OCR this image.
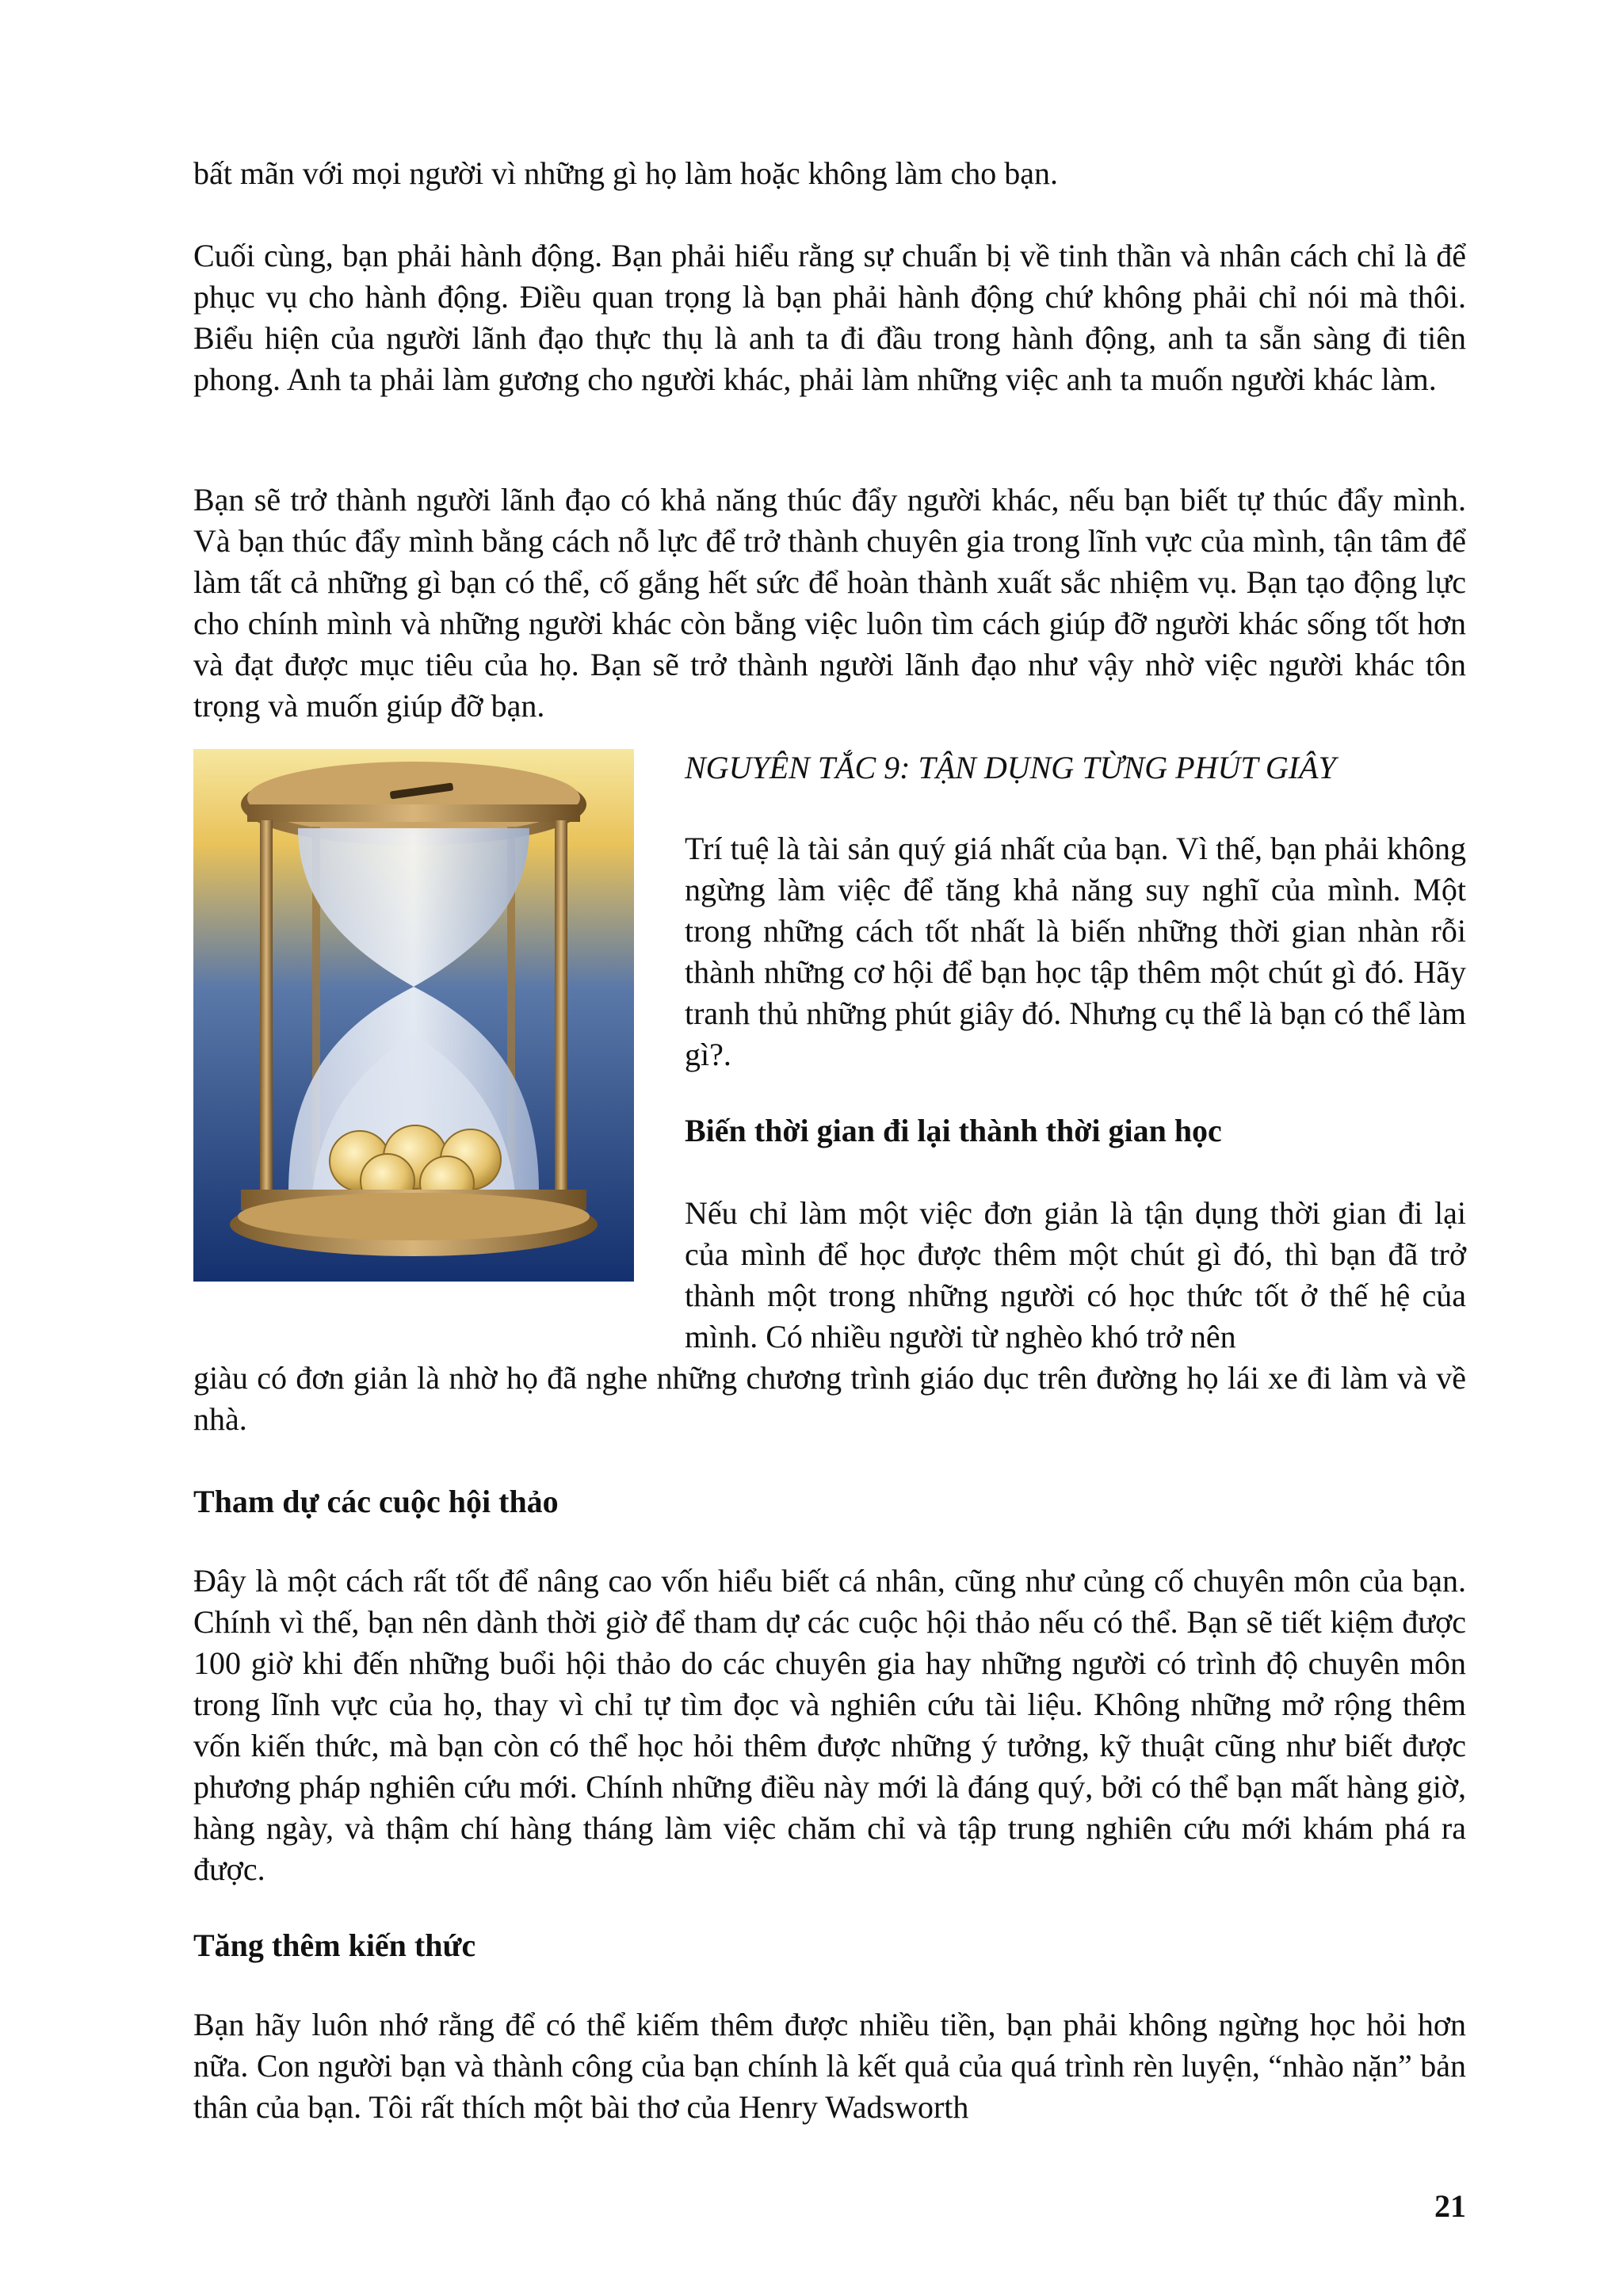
bất mãn với mọi người vì những gì họ làm hoặc không làm cho bạn.

Cuối cùng, bạn phải hành động. Bạn phải hiểu rằng sự chuẩn bị về tinh thần và nhân cách chỉ là để phục vụ cho hành động. Điều quan trọng là bạn phải hành động chứ không phải chỉ nói mà thôi. Biểu hiện của người lãnh đạo thực thụ là anh ta đi đầu trong hành động, anh ta sẵn sàng đi tiên phong. Anh ta phải làm gương cho người khác, phải làm những việc anh ta muốn người khác làm.

Bạn sẽ trở thành người lãnh đạo có khả năng thúc đẩy người khác, nếu bạn biết tự thúc đẩy mình. Và bạn thúc đẩy mình bằng cách nỗ lực để trở thành chuyên gia trong lĩnh vực của mình, tận tâm để làm tất cả những gì bạn có thể, cố gắng hết sức để hoàn thành xuất sắc nhiệm vụ. Bạn tạo động lực cho chính mình và những người khác còn bằng việc luôn tìm cách giúp đỡ người khác sống tốt hơn và đạt được mục tiêu của họ. Bạn sẽ trở thành người lãnh đạo như vậy nhờ việc người khác tôn trọng và muốn giúp đỡ bạn.

NGUYÊN TẮC 9: TẬN DỤNG TỪNG PHÚT GIÂY

Trí tuệ là tài sản quý giá nhất của bạn. Vì thế, bạn phải không ngừng làm việc để tăng khả năng suy nghĩ của mình. Một trong những cách tốt nhất là biến những thời gian nhàn rỗi thành những cơ hội để bạn học tập thêm một chút gì đó. Hãy tranh thủ những phút giây đó. Nhưng cụ thể là bạn có thể làm gì?.

Biến thời gian đi lại thành thời gian học

Nếu chỉ làm một việc đơn giản là tận dụng thời gian đi lại của mình để học được thêm một chút gì đó, thì bạn đã trở thành một trong những người có học thức tốt ở thế hệ của mình. Có nhiều người từ nghèo khó trở nên

giàu có đơn giản là nhờ họ đã nghe những chương trình giáo dục trên đường họ lái xe đi làm và về nhà.

Tham dự các cuộc hội thảo

Đây là một cách rất tốt để nâng cao vốn hiểu biết cá nhân, cũng như củng cố chuyên môn của bạn. Chính vì thế, bạn nên dành thời giờ để tham dự các cuộc hội thảo nếu có thể. Bạn sẽ tiết kiệm được 100 giờ khi đến những buổi hội thảo do các chuyên gia hay những người có trình độ chuyên môn trong lĩnh vực của họ, thay vì chỉ tự tìm đọc và nghiên cứu tài liệu. Không những mở rộng thêm vốn kiến thức, mà bạn còn có thể học hỏi thêm được những ý tưởng, kỹ thuật cũng như biết được phương pháp nghiên cứu mới. Chính những điều này mới là đáng quý, bởi có thể bạn mất hàng giờ, hàng ngày, và thậm chí hàng tháng làm việc chăm chỉ và tập trung nghiên cứu mới khám phá ra được.

Tăng thêm kiến thức

Bạn hãy luôn nhớ rằng để có thể kiếm thêm được nhiều tiền, bạn phải không ngừng học hỏi hơn nữa. Con người bạn và thành công của bạn chính là kết quả của quá trình rèn luyện, “nhào nặn” bản thân của bạn. Tôi rất thích một bài thơ của Henry Wadsworth

21
